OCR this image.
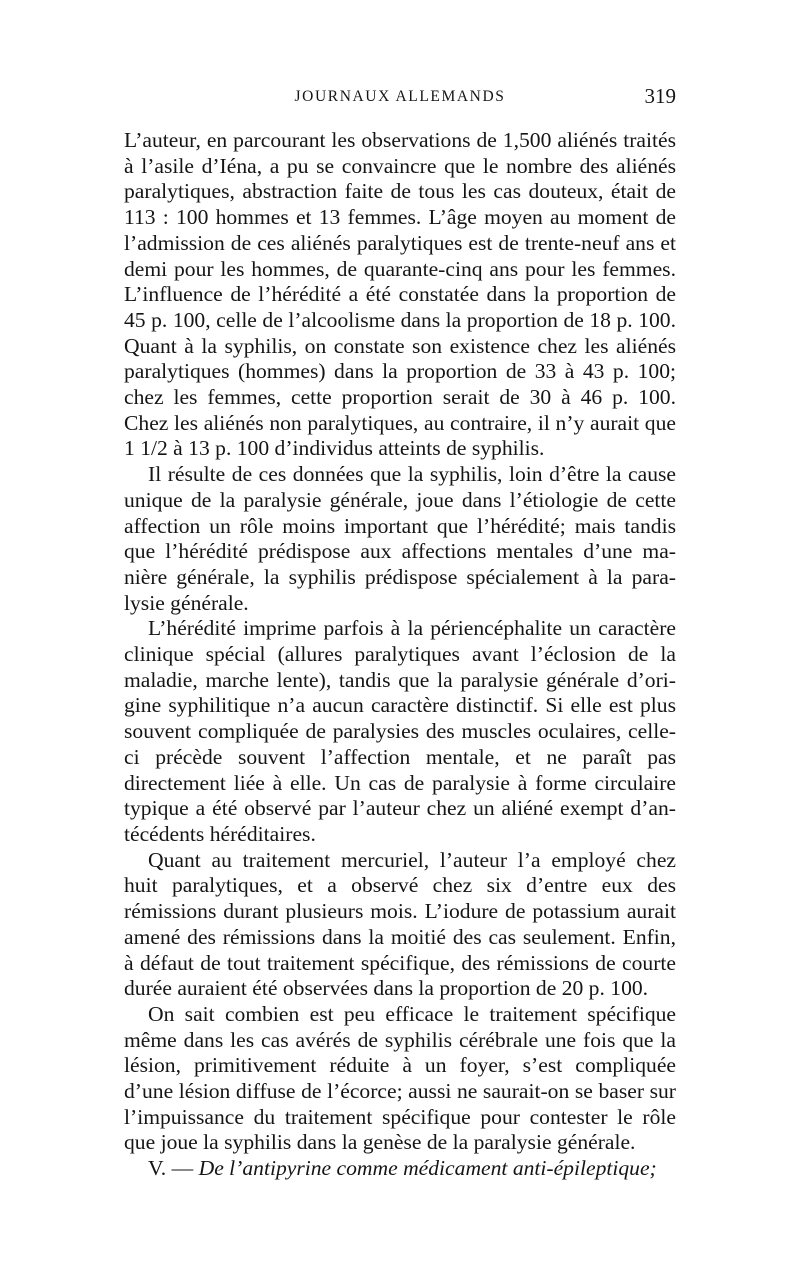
JOURNAUX ALLEMANDS	319

L’auteur, en parcourant les observations de 1,500 aliénés traités à l’asile d’Iéna, a pu se convaincre que le nombre des aliénés paralytiques, abstraction faite de tous les cas douteux, était de 113 : 100 hommes et 13 femmes. L’âge moyen au moment de l’admission de ces aliénés paralytiques est de trente-neuf ans et demi pour les hommes, de quarante-cinq ans pour les femmes. L’influence de l’hérédité a été constatée dans la proportion de 45 p. 100, celle de l’alcoolisme dans la proportion de 18 p. 100. Quant à la syphilis, on constate son existence chez les aliénés paralytiques (hommes) dans la proportion de 33 à 43 p. 100; chez les femmes, cette proportion serait de 30 à 46 p. 100. Chez les aliénés non paralytiques, au contraire, il n’y aurait que 1 1/2 à 13 p. 100 d’individus atteints de syphilis.

Il résulte de ces données que la syphilis, loin d’être la cause unique de la paralysie générale, joue dans l’étiologie de cette affection un rôle moins important que l’hérédité; mais tandis que l’hérédité prédispose aux affections mentales d’une manière générale, la syphilis prédispose spécialement à la paralysie générale.

L’hérédité imprime parfois à la périencéphalite un caractère clinique spécial (allures paralytiques avant l’éclosion de la maladie, marche lente), tandis que la paralysie générale d’origine syphilitique n’a aucun caractère distinctif. Si elle est plus souvent compliquée de paralysies des muscles oculaires, celle-ci précède souvent l’affection mentale, et ne paraît pas directement liée à elle. Un cas de paralysie à forme circulaire typique a été observé par l’auteur chez un aliéné exempt d’antécédents héréditaires.

Quant au traitement mercuriel, l’auteur l’a employé chez huit paralytiques, et a observé chez six d’entre eux des rémissions durant plusieurs mois. L’iodure de potassium aurait amené des rémissions dans la moitié des cas seulement. Enfin, à défaut de tout traitement spécifique, des rémissions de courte durée auraient été observées dans la proportion de 20 p. 100.

On sait combien est peu efficace le traitement spécifique même dans les cas avérés de syphilis cérébrale une fois que la lésion, primitivement réduite à un foyer, s’est compliquée d’une lésion diffuse de l’écorce; aussi ne saurait-on se baser sur l’impuissance du traitement spécifique pour contester le rôle que joue la syphilis dans la genèse de la paralysie générale.

V. — De l’antipyrine comme médicament anti-épileptique;
